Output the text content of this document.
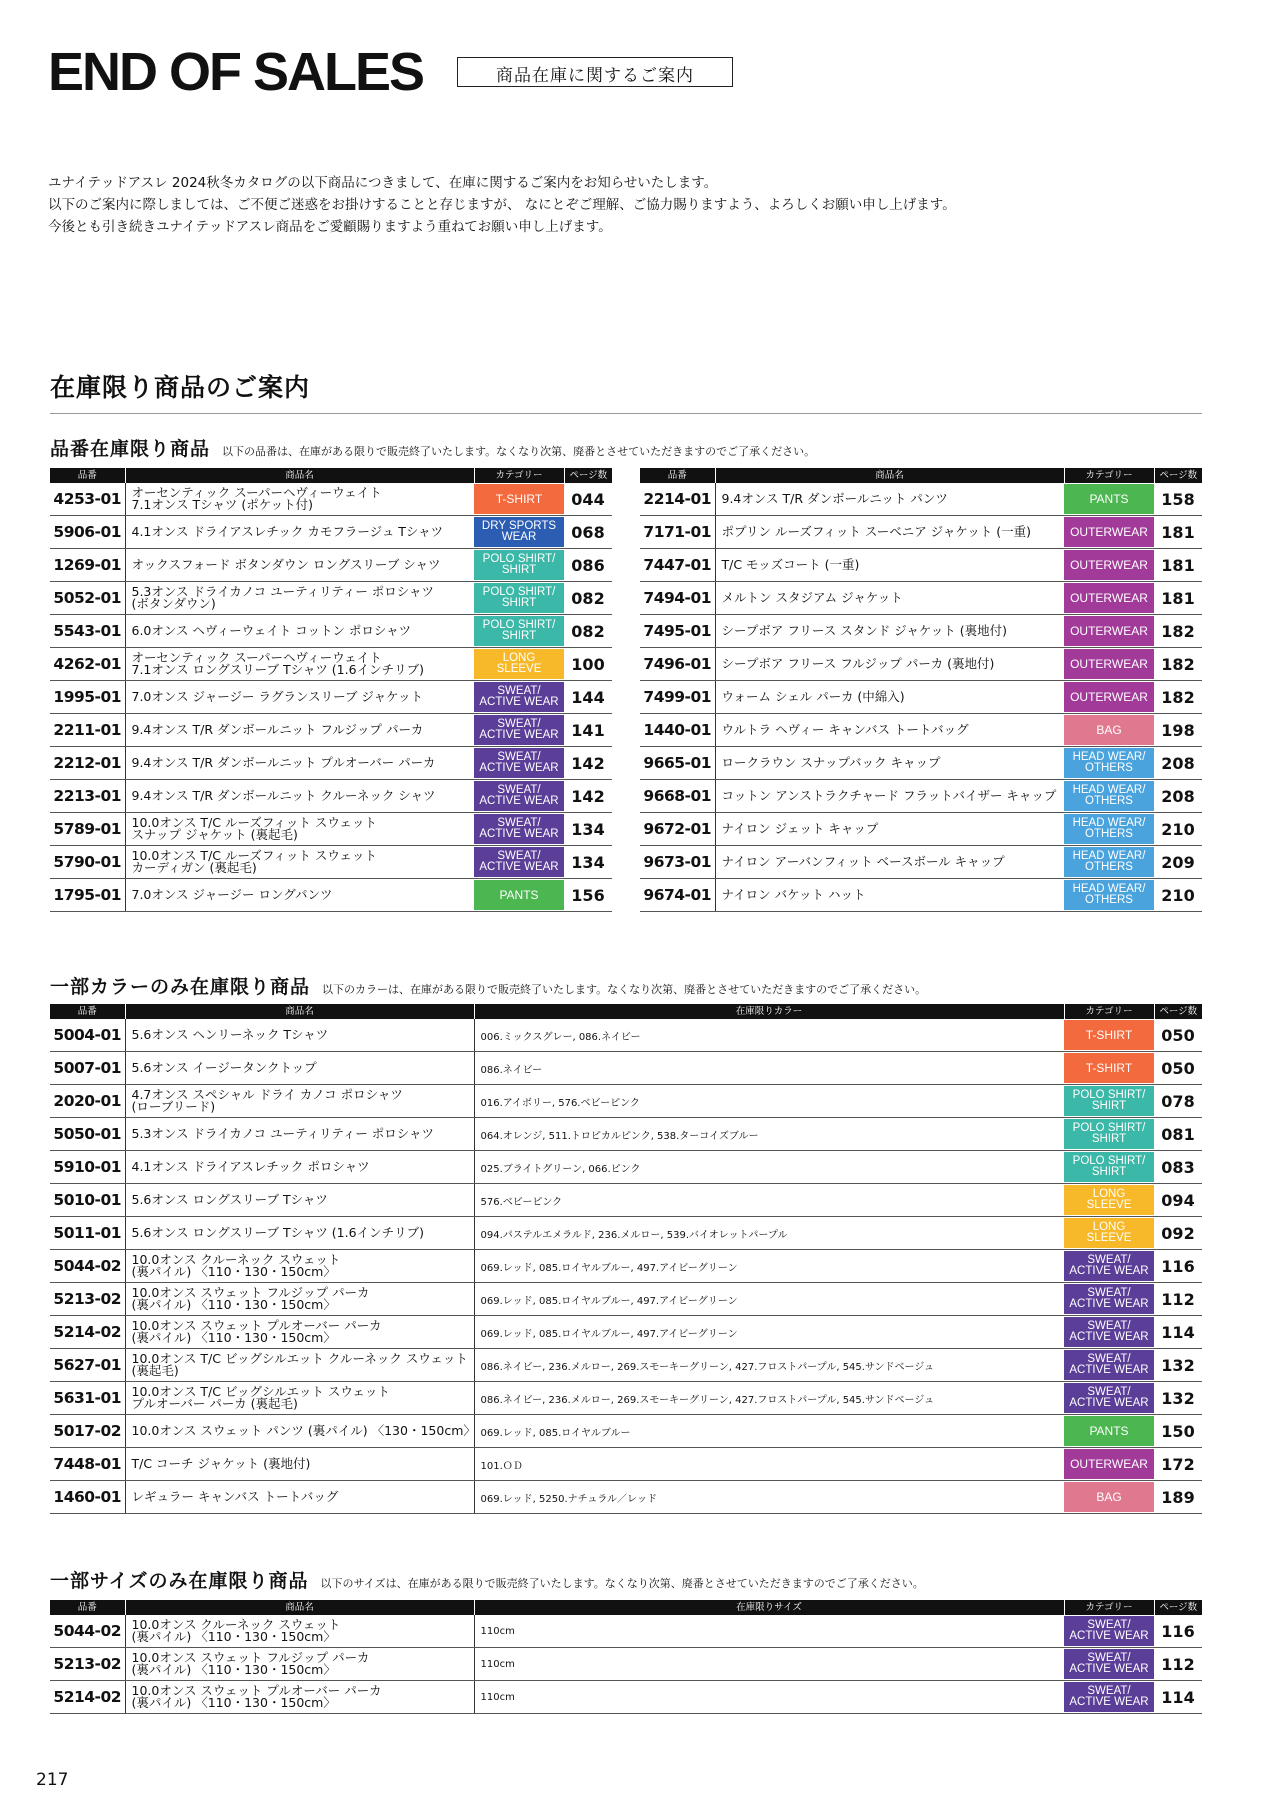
END OF SALES	商品在庫に関するご案内

ユナイテッドアスレ 2024秋冬カタログの以下商品につきまして、在庫に関するご案内をお知らせいたします。

以下のご案内に際しましては、ご不便ご迷惑をお掛けすることと存じますが、 なにとぞご理解、ご協力賜りますよう、よろしくお願い申し上げます。

今後とも引き続きユナイテッドアスレ商品をご愛顧賜りますよう重ねてお願い申し上げます。

在庫限り商品のご案内
品番在庫限り商品 以下の品番は、在庫がある限りで販売終了いたします。なくなり次第、廃番とさせていただきますのでご了承ください。
品番	商品名	カテゴリー	ページ数
4253-01	オーセンティック スーパーヘヴィーウェイト
7.1オンス Tシャツ (ポケット付)	T-SHIRT	044
5906-01	4.1オンス ドライアスレチック カモフラージュ Tシャツ	DRY SPORTS
WEAR	068
1269-01	オックスフォード ボタンダウン ロングスリーブ シャツ	POLO SHIRT/
SHIRT	086
5052-01	5.3オンス ドライカノコ ユーティリティー ポロシャツ
(ボタンダウン)	POLO SHIRT/
SHIRT	082
5543-01	6.0オンス ヘヴィーウェイト コットン ポロシャツ	POLO SHIRT/
SHIRT	082
4262-01	オーセンティック スーパーヘヴィーウェイト
7.1オンス ロングスリーブ Tシャツ (1.6インチリブ)	LONG
SLEEVE	100
1995-01	7.0オンス ジャージー ラグランスリーブ ジャケット	SWEAT/
ACTIVE WEAR	144
2211-01	9.4オンス T/R ダンボールニット フルジップ パーカ	SWEAT/
ACTIVE WEAR	141
2212-01	9.4オンス T/R ダンボールニット プルオーバー パーカ	SWEAT/
ACTIVE WEAR	142
2213-01	9.4オンス T/R ダンボールニット クルーネック シャツ	SWEAT/
ACTIVE WEAR	142
5789-01	10.0オンス T/C ルーズフィット スウェット
スナップ ジャケット (裏起毛)	SWEAT/
ACTIVE WEAR	134
5790-01	10.0オンス T/C ルーズフィット スウェット
カーディガン (裏起毛)	SWEAT/
ACTIVE WEAR	134
1795-01	7.0オンス ジャージー ロングパンツ	PANTS	156
品番	商品名	カテゴリー	ページ数
2214-01	9.4オンス T/R ダンボールニット パンツ	PANTS	158
7171-01	ポプリン ルーズフィット スーベニア ジャケット (一重)	OUTERWEAR	181
7447-01	T/C モッズコート (一重)	OUTERWEAR	181
7494-01	メルトン スタジアム ジャケット	OUTERWEAR	181
7495-01	シープボア フリース スタンド ジャケット (裏地付)	OUTERWEAR	182
7496-01	シープボア フリース フルジップ パーカ (裏地付)	OUTERWEAR	182
7499-01	ウォーム シェル パーカ (中綿入)	OUTERWEAR	182
1440-01	ウルトラ ヘヴィー キャンバス トートバッグ	BAG	198
9665-01	ロークラウン スナップバック キャップ	HEAD WEAR/
OTHERS	208
9668-01	コットン アンストラクチャード フラットバイザー キャップ	HEAD WEAR/
OTHERS	208
9672-01	ナイロン ジェット キャップ	HEAD WEAR/
OTHERS	210
9673-01	ナイロン アーバンフィット ベースボール キャップ	HEAD WEAR/
OTHERS	209
9674-01	ナイロン バケット ハット	HEAD WEAR/
OTHERS	210
一部カラーのみ在庫限り商品 以下のカラーは、在庫がある限りで販売終了いたします。なくなり次第、廃番とさせていただきますのでご了承ください。
品番	商品名	在庫限りカラー	カテゴリー	ページ数
5004-01	5.6オンス ヘンリーネック Tシャツ	006.ミックスグレー, 086.ネイビー	T-SHIRT	050
5007-01	5.6オンス イージータンクトップ	086.ネイビー	T-SHIRT	050
2020-01	4.7オンス スペシャル ドライ カノコ ポロシャツ
(ローブリード)	016.アイボリー, 576.ベビーピンク	POLO SHIRT/
SHIRT	078
5050-01	5.3オンス ドライカノコ ユーティリティー ポロシャツ	064.オレンジ, 511.トロピカルピンク, 538.ターコイズブルー	POLO SHIRT/
SHIRT	081
5910-01	4.1オンス ドライアスレチック ポロシャツ	025.ブライトグリーン, 066.ピンク	POLO SHIRT/
SHIRT	083
5010-01	5.6オンス ロングスリーブ Tシャツ	576.ベビーピンク	LONG
SLEEVE	094
5011-01	5.6オンス ロングスリーブ Tシャツ (1.6インチリブ)	094.パステルエメラルド, 236.メルロー, 539.バイオレットパープル	LONG
SLEEVE	092
5044-02	10.0オンス クルーネック スウェット
(裏パイル) 〈110・130・150cm〉	069.レッド, 085.ロイヤルブルー, 497.アイビーグリーン	SWEAT/
ACTIVE WEAR	116
5213-02	10.0オンス スウェット フルジップ パーカ
(裏パイル) 〈110・130・150cm〉	069.レッド, 085.ロイヤルブルー, 497.アイビーグリーン	SWEAT/
ACTIVE WEAR	112
5214-02	10.0オンス スウェット プルオーバー パーカ
(裏パイル) 〈110・130・150cm〉	069.レッド, 085.ロイヤルブルー, 497.アイビーグリーン	SWEAT/
ACTIVE WEAR	114
5627-01	10.0オンス T/C ビッグシルエット クルーネック スウェット
(裏起毛)	086.ネイビー, 236.メルロー, 269.スモーキーグリーン, 427.フロストパープル, 545.サンドベージュ	SWEAT/
ACTIVE WEAR	132
5631-01	10.0オンス T/C ビッグシルエット スウェット
プルオーバー パーカ (裏起毛)	086.ネイビー, 236.メルロー, 269.スモーキーグリーン, 427.フロストパープル, 545.サンドベージュ	SWEAT/
ACTIVE WEAR	132
5017-02	10.0オンス スウェット パンツ (裏パイル) 〈130・150cm〉	069.レッド, 085.ロイヤルブルー	PANTS	150
7448-01	T/C コーチ ジャケット (裏地付)	101.ＯＤ	OUTERWEAR	172
1460-01	レギュラー キャンバス トートバッグ	069.レッド, 5250.ナチュラル／レッド	BAG	189
一部サイズのみ在庫限り商品 以下のサイズは、在庫がある限りで販売終了いたします。なくなり次第、廃番とさせていただきますのでご了承ください。
品番	商品名	在庫限りサイズ	カテゴリー	ページ数
5044-02	10.0オンス クルーネック スウェット
(裏パイル) 〈110・130・150cm〉	110cm	SWEAT/
ACTIVE WEAR	116
5213-02	10.0オンス スウェット フルジップ パーカ
(裏パイル) 〈110・130・150cm〉	110cm	SWEAT/
ACTIVE WEAR	112
5214-02	10.0オンス スウェット プルオーバー パーカ
(裏パイル) 〈110・130・150cm〉	110cm	SWEAT/
ACTIVE WEAR	114
217
